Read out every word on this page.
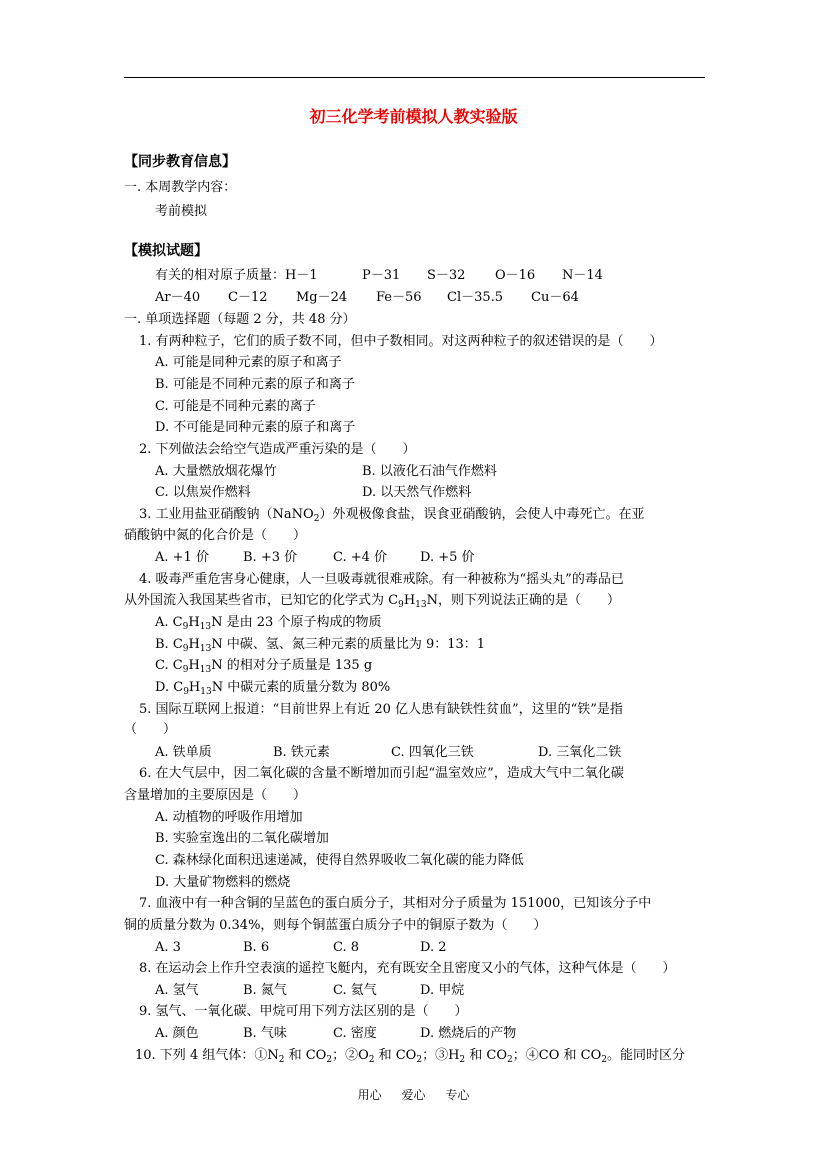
初三化学考前模拟人教实验版
【同步教育信息】
一. 本周教学内容：
考前模拟
【模拟试题】
有关的相对原子质量：H－1	P－31 S－32 O－16 N－14
Ar－40 C－12 Mg－24 Fe－56 Cl－35.5 Cu－64
一. 单项选择题（每题 2 分，共 48 分）
1. 有两种粒子，它们的质子数不同，但中子数相同。对这两种粒子的叙述错误的是（　　）
A. 可能是同种元素的原子和离子
B. 可能是不同种元素的原子和离子
C. 可能是不同种元素的离子
D. 不可能是同种元素的原子和离子
2. 下列做法会给空气造成严重污染的是（　　）
A. 大量燃放烟花爆竹	B. 以液化石油气作燃料
C. 以焦炭作燃料	D. 以天然气作燃料
3. 工业用盐亚硝酸钠（NaNO$_2$）外观极像食盐，误食亚硝酸钠，会使人中毒死亡。在亚
硝酸钠中氮的化合价是（　　）
A. +1 价	B. +3 价	C. +4 价	D. +5 价
4. 吸毒严重危害身心健康，人一旦吸毒就很难戒除。有一种被称为“摇头丸”的毒品已
从外国流入我国某些省市，已知它的化学式为 $C_9H_{13}N$，则下列说法正确的是（　　）
A. $C_9H_{13}N$ 是由 23 个原子构成的物质
B. $C_9H_{13}N$ 中碳、氢、氮三种元素的质量比为 9：13：1
C. $C_9H_{13}N$ 的相对分子质量是 135 g
D. $C_9H_{13}N$ 中碳元素的质量分数为 80%
5. 国际互联网上报道：“目前世界上有近 20 亿人患有缺铁性贫血”，这里的“铁”是指
（　　）
A. 铁单质	B. 铁元素	C. 四氧化三铁	D. 三氧化二铁
6. 在大气层中，因二氧化碳的含量不断增加而引起“温室效应”，造成大气中二氧化碳
含量增加的主要原因是（　　）
A. 动植物的呼吸作用增加
B. 实验室逸出的二氧化碳增加
C. 森林绿化面积迅速递减，使得自然界吸收二氧化碳的能力降低
D. 大量矿物燃料的燃烧
7. 血液中有一种含铜的呈蓝色的蛋白质分子，其相对分子质量为 151000，已知该分子中
铜的质量分数为 0.34%，则每个铜蓝蛋白质分子中的铜原子数为（　　）
A. 3	B. 6	C. 8	D. 2
8. 在运动会上作升空表演的遥控飞艇内，充有既安全且密度又小的气体，这种气体是（　　）
A. 氢气	B. 氮气	C. 氦气	D. 甲烷
9. 氢气、一氧化碳、甲烷可用下列方法区别的是（　　）
A. 颜色	B. 气味	C. 密度	D. 燃烧后的产物
10. 下列 4 组气体：$①N_2$ 和 $CO_2$；$②O_2$ 和 $CO_2$；$③H_2$ 和 $CO_2$；④CO 和 $CO_2$。能同时区分
用心 爱心 专心
